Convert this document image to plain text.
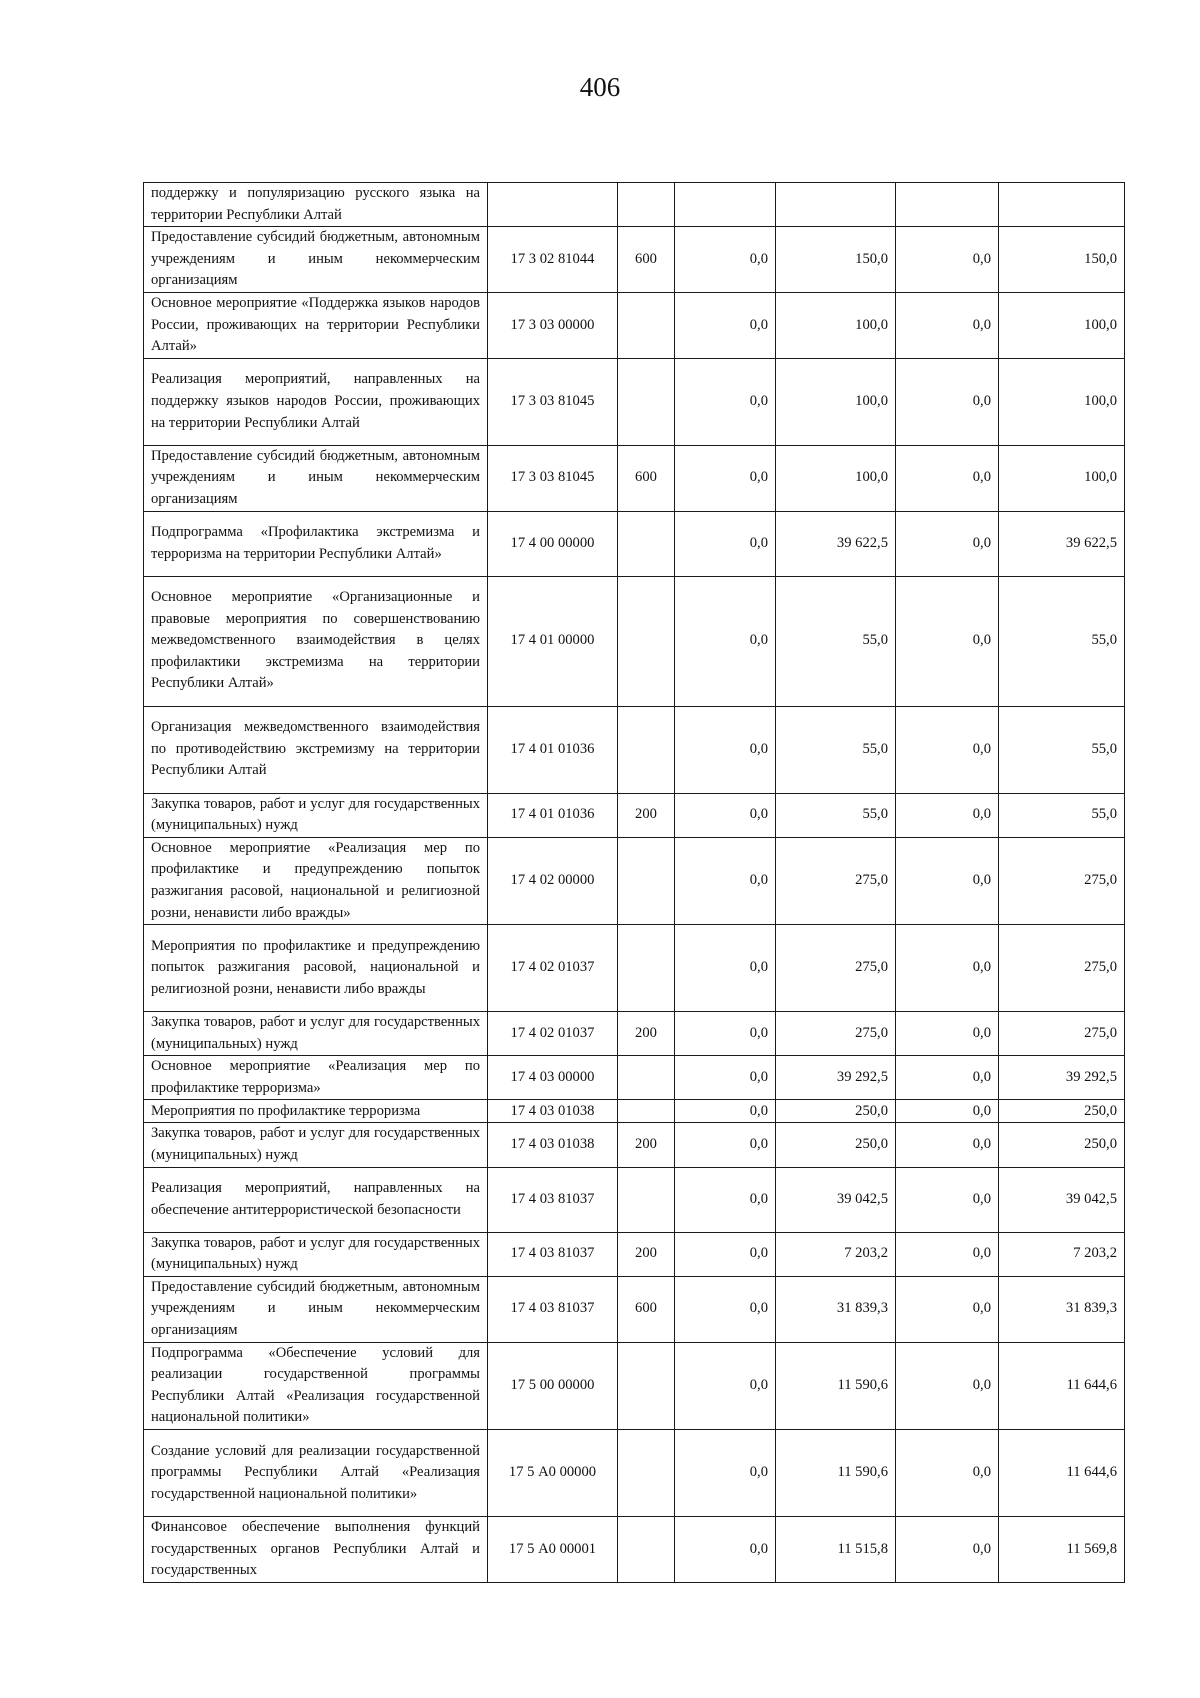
406
поддержку и популяризацию русского языка на территории Республики Алтай						
Предоставление субсидий бюджетным, автономным учреждениям и иным некоммерческим организациям	17 3 02 81044	600	0,0	150,0	0,0	150,0
Основное мероприятие «Поддержка языков народов России, проживающих на территории Республики Алтай»	17 3 03 00000		0,0	100,0	0,0	100,0
Реализация мероприятий, направленных на поддержку языков народов России, проживающих на территории Республики Алтай	17 3 03 81045		0,0	100,0	0,0	100,0
Предоставление субсидий бюджетным, автономным учреждениям и иным некоммерческим организациям	17 3 03 81045	600	0,0	100,0	0,0	100,0
Подпрограмма «Профилактика экстремизма и терроризма на территории Республики Алтай»	17 4 00 00000		0,0	39 622,5	0,0	39 622,5
Основное мероприятие «Организационные и правовые мероприятия по совершенствованию межведомственного взаимодействия в целях профилактики экстремизма на территории Республики Алтай»	17 4 01 00000		0,0	55,0	0,0	55,0
Организация межведомственного взаимодействия по противодействию экстремизму на территории Республики Алтай	17 4 01 01036		0,0	55,0	0,0	55,0
Закупка товаров, работ и услуг для государственных (муниципальных) нужд	17 4 01 01036	200	0,0	55,0	0,0	55,0
Основное мероприятие «Реализация мер по профилактике и предупреждению попыток разжигания расовой, национальной и религиозной розни, ненависти либо вражды»	17 4 02 00000		0,0	275,0	0,0	275,0
Мероприятия по профилактике и предупреждению попыток разжигания расовой, национальной и религиозной розни, ненависти либо вражды	17 4 02 01037		0,0	275,0	0,0	275,0
Закупка товаров, работ и услуг для государственных (муниципальных) нужд	17 4 02 01037	200	0,0	275,0	0,0	275,0
Основное мероприятие «Реализация мер по профилактике терроризма»	17 4 03 00000		0,0	39 292,5	0,0	39 292,5
Мероприятия по профилактике терроризма	17 4 03 01038		0,0	250,0	0,0	250,0
Закупка товаров, работ и услуг для государственных (муниципальных) нужд	17 4 03 01038	200	0,0	250,0	0,0	250,0
Реализация мероприятий, направленных на обеспечение антитеррористической безопасности	17 4 03 81037		0,0	39 042,5	0,0	39 042,5
Закупка товаров, работ и услуг для государственных (муниципальных) нужд	17 4 03 81037	200	0,0	7 203,2	0,0	7 203,2
Предоставление субсидий бюджетным, автономным учреждениям и иным некоммерческим организациям	17 4 03 81037	600	0,0	31 839,3	0,0	31 839,3
Подпрограмма «Обеспечение условий для реализации государственной программы Республики Алтай «Реализация государственной национальной политики»	17 5 00 00000		0,0	11 590,6	0,0	11 644,6
Создание условий для реализации государственной программы Республики Алтай «Реализация государственной национальной политики»	17 5 А0 00000		0,0	11 590,6	0,0	11 644,6
Финансовое обеспечение выполнения функций государственных органов Республики Алтай и государственных	17 5 А0 00001		0,0	11 515,8	0,0	11 569,8
